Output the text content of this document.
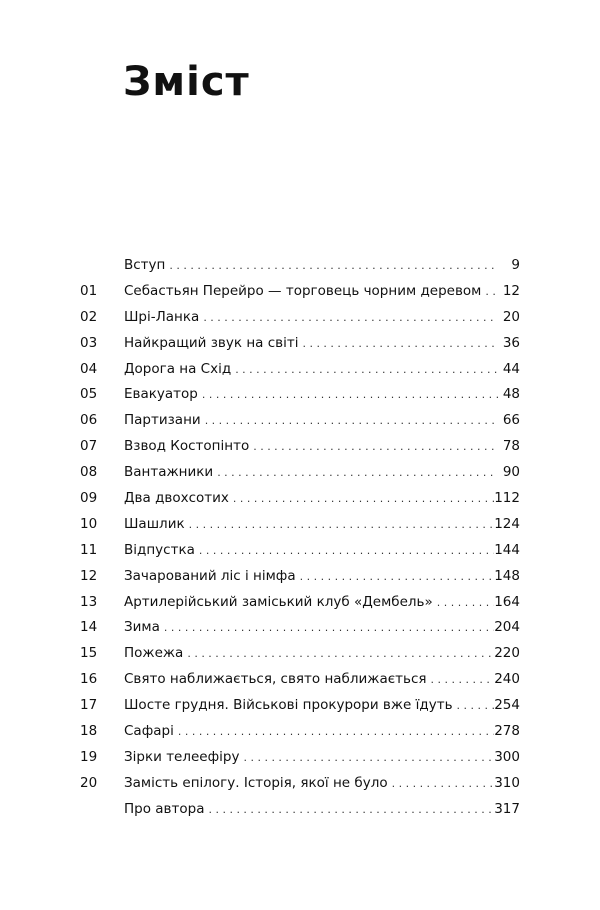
Зміст
Вступ . . .	9
01	Себастьян Перейро — торговець чорним деревом . . .	12
02	Шрі-Ланка . . .	20
03	Найкращий звук на світі . . .	36
04	Дорога на Схід . . .	44
05	Евакуатор . . .	48
06	Партизани . . .	66
07	Взвод Костопінто . . .	78
08	Вантажники . . .	90
09	Два двохсотих . . .	112
10	Шашлик . . .	124
11	Відпустка . . .	144
12	Зачарований ліс і німфа . . .	148
13	Артилерійський заміський клуб «Дембель» . . .	164
14	Зима . . .	204
15	Пожежа . . .	220
16	Свято наближається, свято наближається . . .	240
17	Шосте грудня. Військові прокурори вже їдуть . . .	254
18	Сафарі . . .	278
19	Зірки телеефіру . . .	300
20	Замість епілогу. Історія, якої не було . . .	310
Про автора . . .	317
